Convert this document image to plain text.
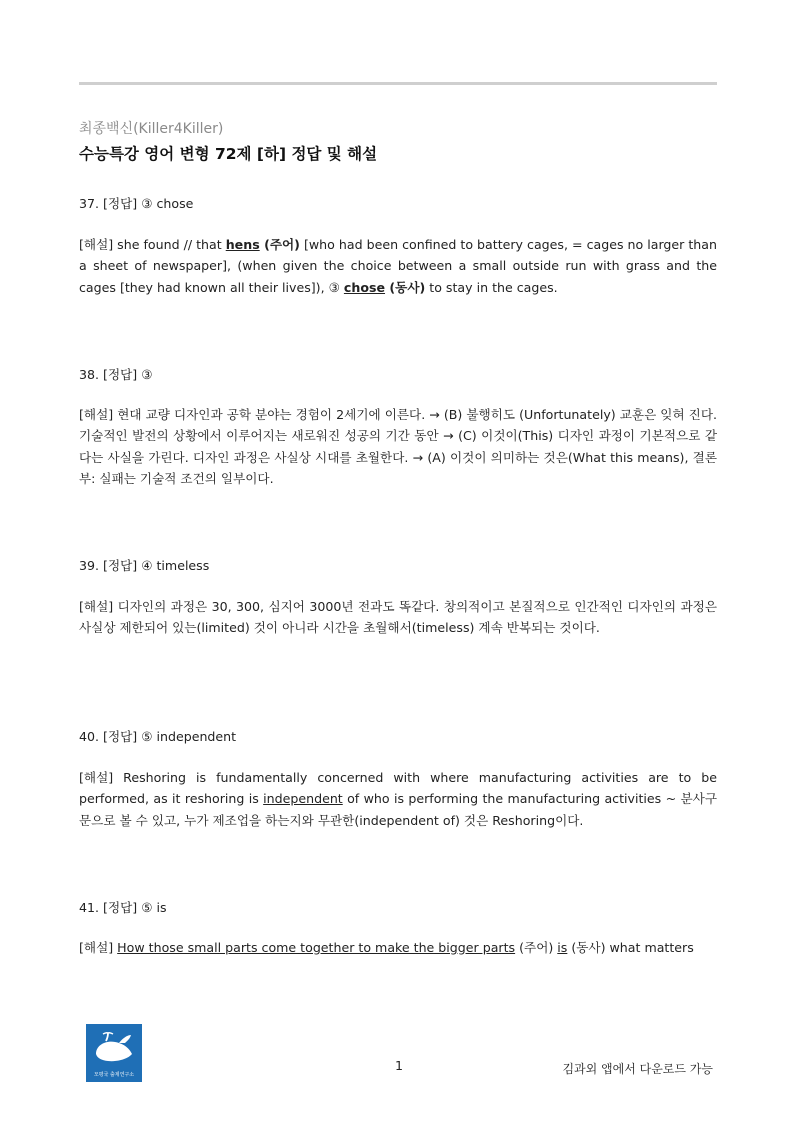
최종백신(Killer4Killer)
수능특강 영어 변형 72제 [하] 정답 및 해설
37. [정답] ③ chose
[해설] she found // that hens (주어) [who had been confined to battery cages, = cages no larger than a sheet of newspaper], (when given the choice between a small outside run with grass and the cages [they had known all their lives]), ③ chose (동사) to stay in the cages.
38. [정답] ③
[해설] 현대 교량 디자인과 공학 분야는 경험이 2세기에 이른다. → (B) 불행히도 (Unfortunately) 교훈은 잊혀 진다. 기술적인 발전의 상황에서 이루어지는 새로워진 성공의 기간 동안 → (C) 이것이(This) 디자인 과정이 기본적으로 같다는 사실을 가린다. 디자인 과정은 사실상 시대를 초월한다. → (A) 이것이 의미하는 것은(What this means), 결론부: 실패는 기술적 조건의 일부이다.
39. [정답] ④ timeless
[해설] 디자인의 과정은 30, 300, 심지어 3000년 전과도 똑같다. 창의적이고 본질적으로 인간적인 디자인의 과정은 사실상 제한되어 있는(limited) 것이 아니라 시간을 초월해서(timeless) 계속 반복되는 것이다.
40. [정답] ⑤ independent
[해설] Reshoring is fundamentally concerned with where manufacturing activities are to be performed, as it reshoring is independent of who is performing the manufacturing activities ~ 분사구문으로 볼 수 있고, 누가 제조업을 하는지와 무관한(independent of) 것은 Reshoring이다.
41. [정답] ⑤ is
[해설] How those small parts come together to make the bigger parts (주어) is (동사) what matters
모평국 출제연구소
1	김과외 앱에서 다운로드 가능
